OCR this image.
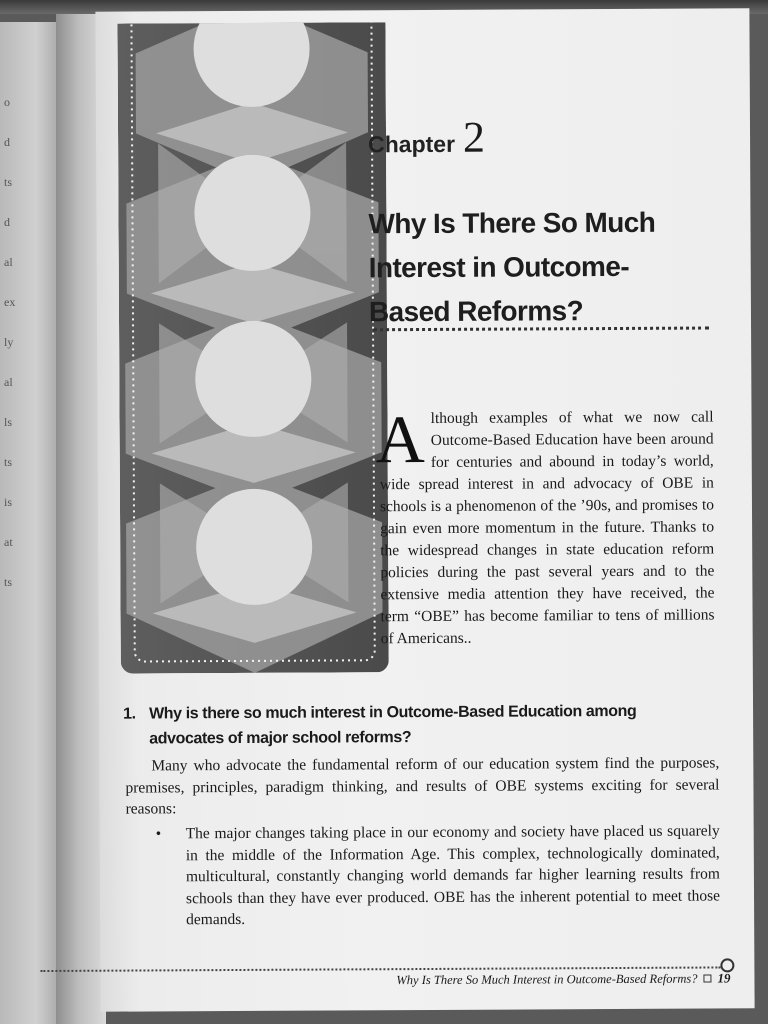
o
d
ts
d
al
ex
ly
al
ls
ts
is
at
ts
Chapter 2
Why Is There So Much Interest in Outcome-Based Reforms?

Although examples of what we now call Outcome-Based Education have been around for centuries and abound in today’s world, wide spread interest in and advocacy of OBE in schools is a phenomenon of the ’90s, and promises to gain even more momentum in the future. Thanks to the widespread changes in state education reform policies during the past several years and to the extensive media attention they have received, the term “OBE” has become familiar to tens of millions of Americans..

1. Why is there so much interest in Outcome-Based Education among advocates of major school reforms?

Many who advocate the fundamental reform of our education system find the purposes, premises, principles, paradigm thinking, and results of OBE systems exciting for several reasons:

•	The major changes taking place in our economy and society have placed us squarely in the middle of the Information Age. This complex, technologically dominated, multicultural, constantly changing world demands far higher learning results from schools than they have ever produced. OBE has the inherent potential to meet those demands.

Why Is There So Much Interest in Outcome-Based Reforms? 19
